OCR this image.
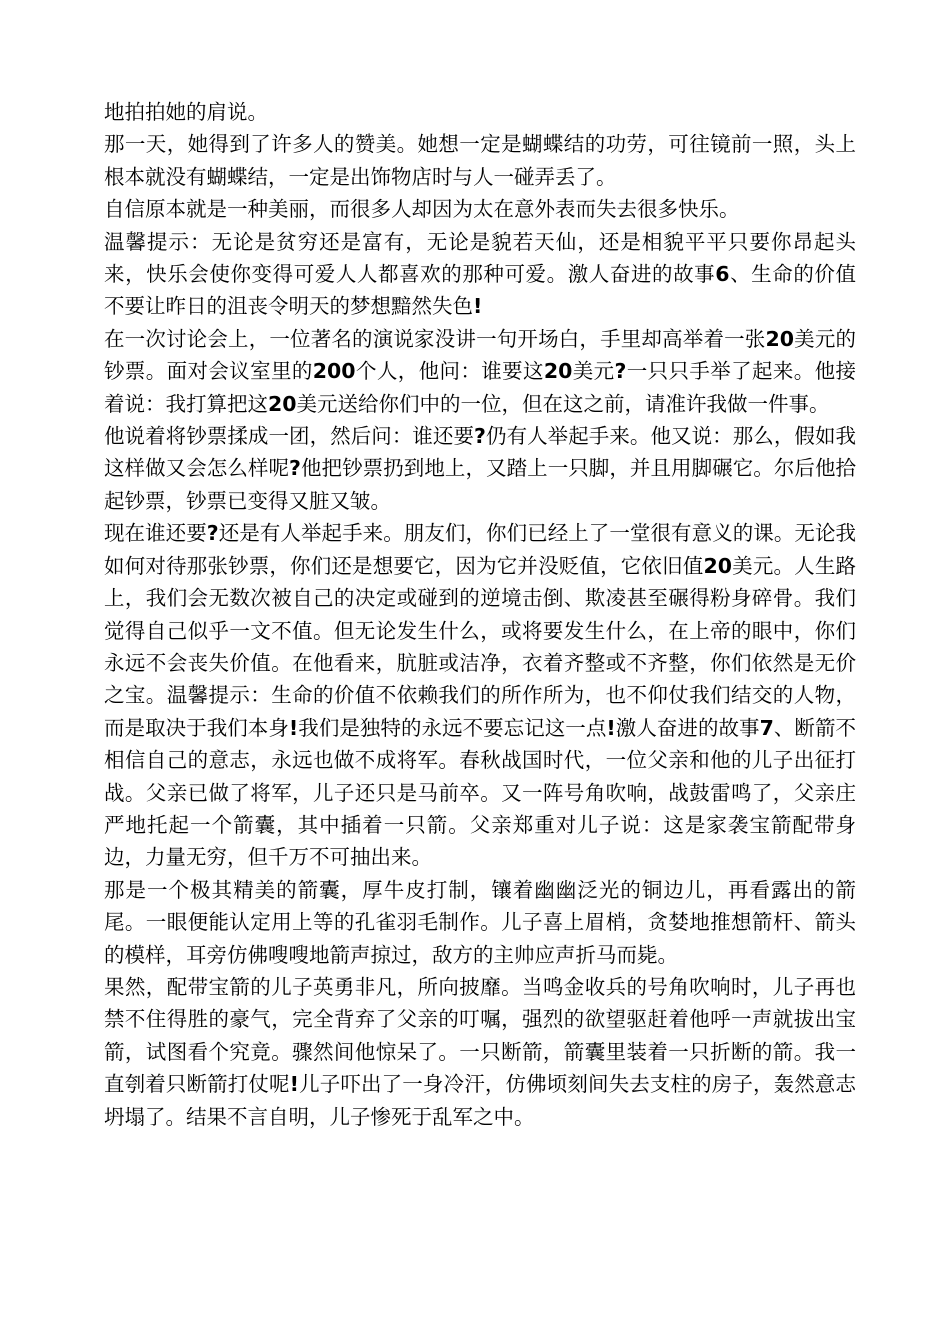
地拍拍她的肩说。

那一天，她得到了许多人的赞美。她想一定是蝴蝶结的功劳，可往镜前一照，头上根本就没有蝴蝶结，一定是出饰物店时与人一碰弄丢了。

自信原本就是一种美丽，而很多人却因为太在意外表而失去很多快乐。

温馨提示：无论是贫穷还是富有，无论是貌若天仙，还是相貌平平只要你昂起头来，快乐会使你变得可爱人人都喜欢的那种可爱。激人奋进的故事6、生命的价值不要让昨日的沮丧令明天的梦想黯然失色!

在一次讨论会上，一位著名的演说家没讲一句开场白，手里却高举着一张20美元的钞票。面对会议室里的200个人，他问：谁要这20美元?一只只手举了起来。他接着说：我打算把这20美元送给你们中的一位，但在这之前，请准许我做一件事。

他说着将钞票揉成一团，然后问：谁还要?仍有人举起手来。他又说：那么，假如我这样做又会怎么样呢?他把钞票扔到地上，又踏上一只脚，并且用脚碾它。尔后他拾起钞票，钞票已变得又脏又皱。

现在谁还要?还是有人举起手来。朋友们，你们已经上了一堂很有意义的课。无论我如何对待那张钞票，你们还是想要它，因为它并没贬值，它依旧值20美元。人生路上，我们会无数次被自己的决定或碰到的逆境击倒、欺凌甚至碾得粉身碎骨。我们觉得自己似乎一文不值。但无论发生什么，或将要发生什么，在上帝的眼中，你们永远不会丧失价值。在他看来，肮脏或洁净，衣着齐整或不齐整，你们依然是无价之宝。温馨提示：生命的价值不依赖我们的所作所为，也不仰仗我们结交的人物，而是取决于我们本身!我们是独特的永远不要忘记这一点!激人奋进的故事7、断箭不相信自己的意志，永远也做不成将军。春秋战国时代，一位父亲和他的儿子出征打战。父亲已做了将军，儿子还只是马前卒。又一阵号角吹响，战鼓雷鸣了，父亲庄严地托起一个箭囊，其中插着一只箭。父亲郑重对儿子说：这是家袭宝箭配带身边，力量无穷，但千万不可抽出来。

那是一个极其精美的箭囊，厚牛皮打制，镶着幽幽泛光的铜边儿，再看露出的箭尾。一眼便能认定用上等的孔雀羽毛制作。儿子喜上眉梢，贪婪地推想箭杆、箭头的模样，耳旁仿佛嗖嗖地箭声掠过，敌方的主帅应声折马而毙。

果然，配带宝箭的儿子英勇非凡，所向披靡。当鸣金收兵的号角吹响时，儿子再也禁不住得胜的豪气，完全背弃了父亲的叮嘱，强烈的欲望驱赶着他呼一声就拔出宝箭，试图看个究竟。骤然间他惊呆了。一只断箭，箭囊里装着一只折断的箭。我一直刳着只断箭打仗呢!儿子吓出了一身冷汗，仿佛顷刻间失去支柱的房子，轰然意志坍塌了。结果不言自明，儿子惨死于乱军之中。
